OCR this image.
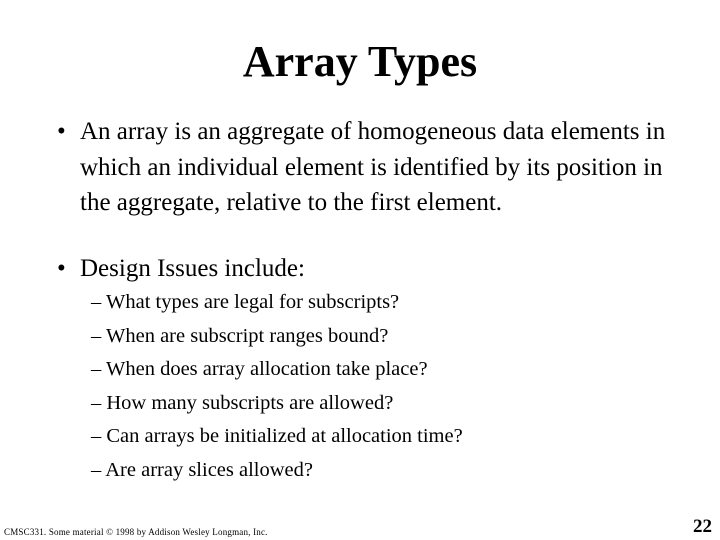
Array Types
• An array is an aggregate of homogeneous data elements in which an individual element is identified by its position in the aggregate, relative to the first element.
• Design Issues include:
– What types are legal for subscripts?
– When are subscript ranges bound?
– When does array allocation take place?
– How many subscripts are allowed?
– Can arrays be initialized at allocation time?
– Are array slices allowed?
CMSC331. Some material © 1998 by Addison Wesley Longman, Inc.	22
